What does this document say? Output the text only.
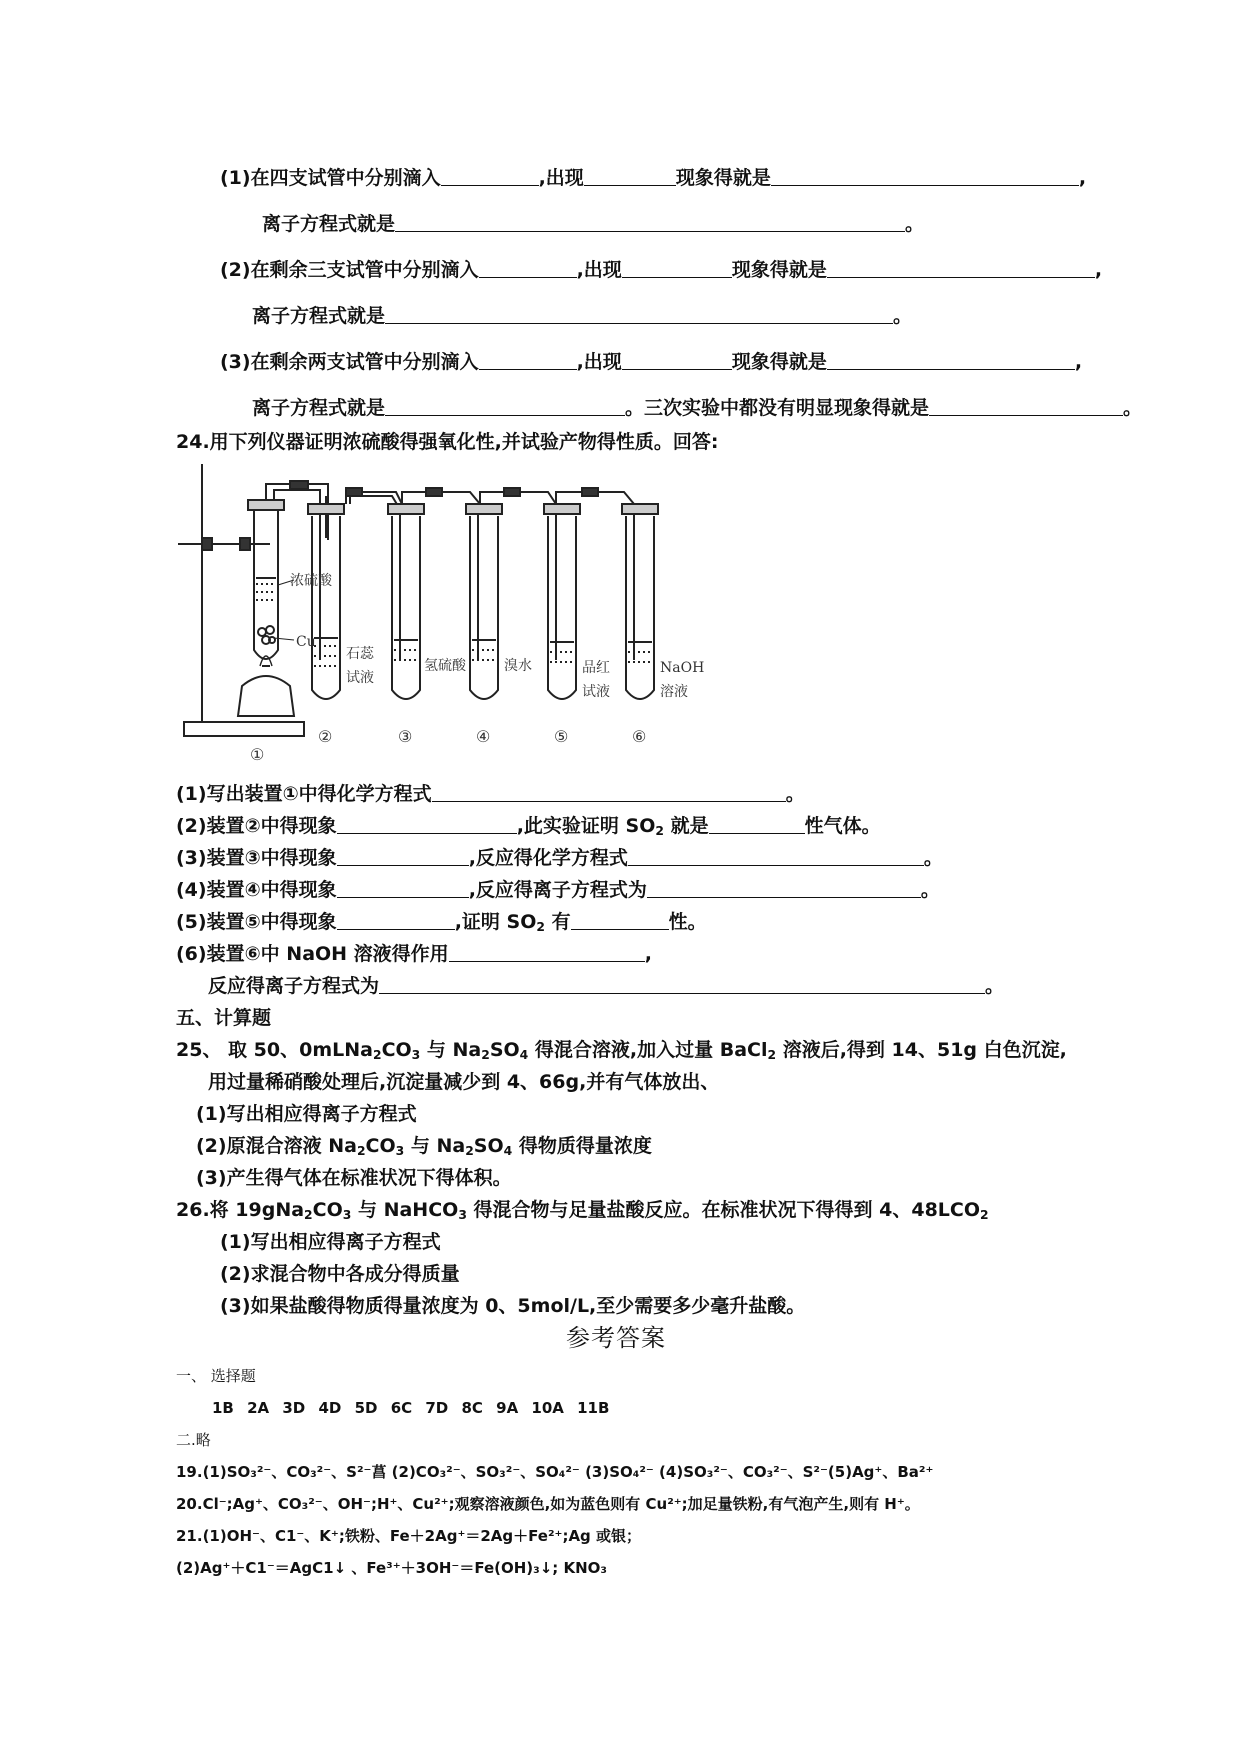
(1)在四支试管中分别滴入	,出现	现象得就是	,
离子方程式就是	。
(2)在剩余三支试管中分别滴入	,出现	现象得就是	,
离子方程式就是	。
(3)在剩余两支试管中分别滴入	,出现	现象得就是	,
离子方程式就是	。三次实验中都没有明显现象得就是	。
24.用下列仪器证明浓硫酸得强氧化性,并试验产物得性质。回答:
浓硫酸
Cu
石蕊
试液
氢硫酸	溴水	品红
试液
NaOH
溶液
①
②	③	④	⑤	⑥
(1)写出装置①中得化学方程式	。
(2)装置②中得现象	,此实验证明 $SO_2$ 就是	性气体。
(3)装置③中得现象	,反应得化学方程式	。
(4)装置④中得现象	,反应得离子方程式为	。
(5)装置⑤中得现象	,证明 $SO_2$ 有	性。
(6)装置⑥中 NaOH 溶液得作用	,
反应得离子方程式为	。
五、计算题
25、 取 50、$0mLNa_2CO_3$ 与 $Na_2SO_4$ 得混合溶液,加入过量 BaCl$_2$ 溶液后,得到 14、51g 白色沉淀,
用过量稀硝酸处理后,沉淀量减少到 4、66g,并有气体放出、
(1)写出相应得离子方程式
(2)原混合溶液 $Na_2CO_3$ 与 $Na_2SO_4$ 得物质得量浓度
(3)产生得气体在标准状况下得体积。
26.将 $19gNa_2CO_3$ 与 NaHCO$_3$ 得混合物与足量盐酸反应。在标准状况下得得到 4、$48LCO_2$
(1)写出相应得离子方程式
(2)求混合物中各成分得质量
(3)如果盐酸得物质得量浓度为 0、5mol/L,至少需要多少毫升盐酸。
参考答案
一、 选择题
1B 2A 3D 4D 5D 6C 7D 8C 9A 10A 11B
二.略
19.(1)SO₃²⁻、CO₃²⁻、S²⁻菖 (2)CO₃²⁻、SO₃²⁻、SO₄²⁻ (3)SO₄²⁻ (4)SO₃²⁻、CO₃²⁻、S²⁻(5)Ag⁺、Ba²⁺
20.Cl⁻;Ag⁺、CO₃²⁻、OH⁻;H⁺、Cu²⁺;观察溶液颜色,如为蓝色则有 Cu²⁺;加足量铁粉,有气泡产生,则有 H⁺。
21.(1)OH⁻、C1⁻、K⁺;铁粉、Fe＋2Ag⁺＝2Ag＋Fe²⁺;Ag 或银；
(2)Ag⁺＋C1⁻＝AgC1↓ 、Fe³⁺＋3OH⁻＝Fe(OH)₃↓; KNO₃
